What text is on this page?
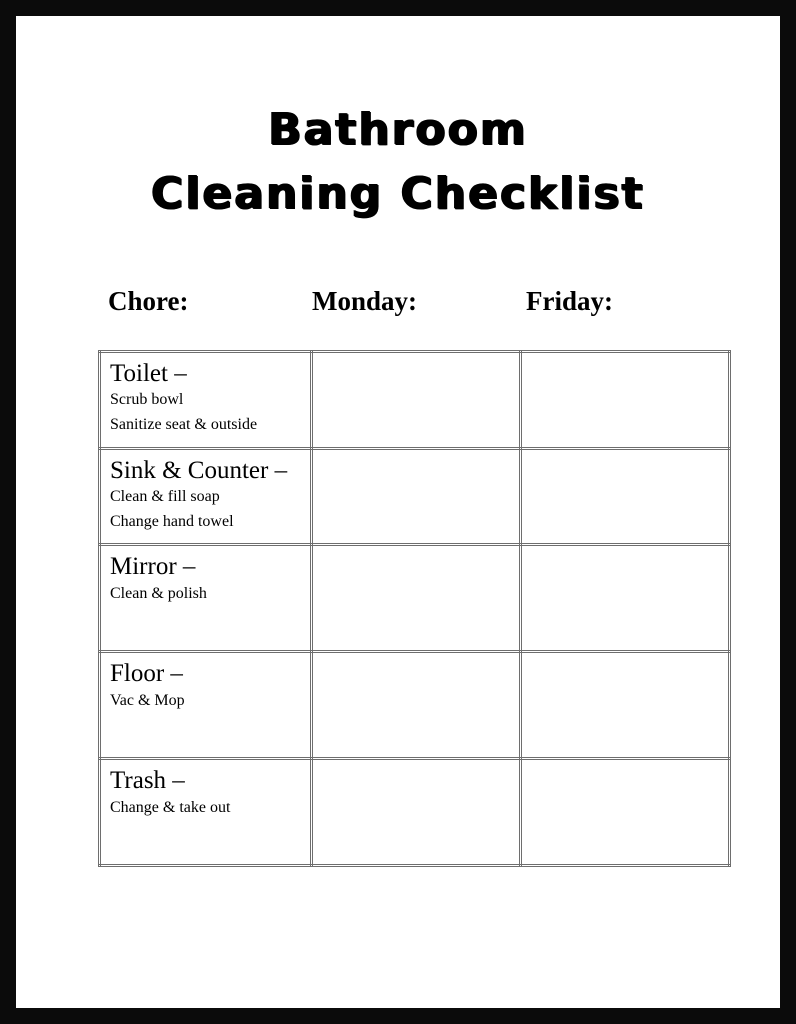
Bathroom
Cleaning Checklist
Chore:	Monday:	Friday:
Toilet –
Scrub bowl
Sanitize seat & outside		

Sink & Counter –
Clean & fill soap
Change hand towel		

Mirror –
Clean & polish		

Floor –
Vac & Mop		

Trash –
Change & take out		
